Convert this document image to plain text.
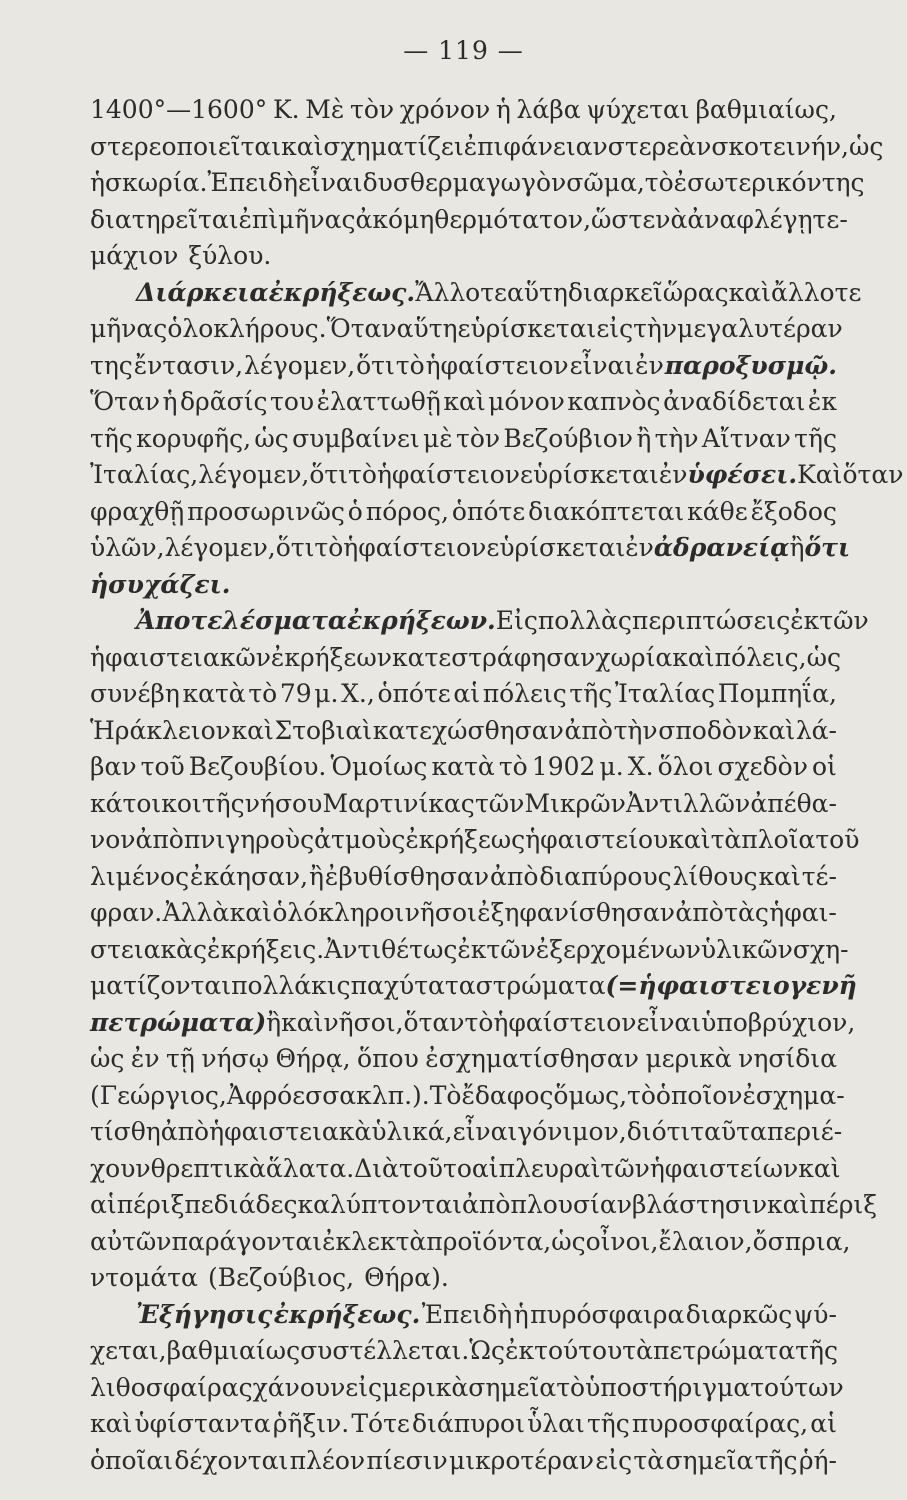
— 119 —
1400°—1600° Κ. Μὲ τὸν χρόνον ἡ λάβα ψύχεται βαθμιαίως,
στερεοποιεῖται καὶ σχηματίζει ἐπιφάνειαν στερεὰν σκοτεινήν, ὡς
ἡ σκωρία. Ἐπειδὴ εἶναι δυσθερμαγωγὸν σῶμα, τὸ ἐσωτερικόν της
διατηρεῖται ἐπὶ μῆνας ἀκόμη θερμότατον, ὥστε νὰ ἀναφλέγῃ τε-
μάχιον ξύλου.
Διάρκεια ἐκρήξεως. Ἄλλοτε αὕτη διαρκεῖ ὥρας καὶ ἄλλοτε
μῆνας ὁλοκλήρους. Ὅταν αὕτη εὑρίσκεται εἰς τὴν μεγαλυτέραν
της ἔντασιν, λέγομεν, ὅτι τὸ ἡφαίστειον εἶναι ἐν παροξυσμῷ.
Ὅταν ἡ δρᾶσίς του ἐλαττωθῇ καὶ μόνον καπνὸς ἀναδίδεται ἐκ
τῆς κορυφῆς, ὡς συμβαίνει μὲ τὸν Βεζούβιον ἢ τὴν Αἴτναν τῆς
Ἰταλίας, λέγομεν, ὅτι τὸ ἡφαίστειον εὑρίσκεται ἐν ὑφέσει. Καὶ ὅταν
φραχθῇ προσωρινῶς ὁ πόρος, ὁπότε διακόπτεται κάθε ἔξοδος
ὑλῶν, λέγομεν, ὅτι τὸ ἡφαίστειον εὑρίσκεται ἐν ἀδρανείᾳ ἢ ὅτι
ἡσυχάζει.
Ἀποτελέσματα ἐκρήξεων. Εἰς πολλὰς περιπτώσεις ἐκ τῶν
ἡφαιστειακῶν ἐκρήξεων κατεστράφησαν χωρία καὶ πόλεις, ὡς
συνέβη κατὰ τὸ 79 μ. Χ., ὁπότε αἱ πόλεις τῆς Ἰταλίας Πομπηΐα,
Ἡράκλειον καὶ Στοβιαὶ κατεχώσθησαν ἀπὸ τὴν σποδὸν καὶ λά-
βαν τοῦ Βεζουβίου. Ὁμοίως κατὰ τὸ 1902 μ. Χ. ὅλοι σχεδὸν οἱ
κάτοικοι τῆς νήσου Μαρτινίκας τῶν Μικρῶν Ἀντιλλῶν ἀπέθα-
νον ἀπὸ πνιγηροὺς ἀτμοὺς ἐκρήξεως ἡφαιστείου καὶ τὰ πλοῖα τοῦ
λιμένος ἐκάησαν, ἢ ἐβυθίσθησαν ἀπὸ διαπύρους λίθους καὶ τέ-
φραν. Ἀλλὰ καὶ ὁλόκληροι νῆσοι ἐξηφανίσθησαν ἀπὸ τὰς ἡφαι-
στειακὰς ἐκρήξεις. Ἀντιθέτως ἐκ τῶν ἐξερχομένων ὑλικῶν σχη-
ματίζονται πολλάκις παχύτατα στρώματα (=ἡφαιστειογενῆ
πετρώματα) ἢ καὶ νῆσοι, ὅταν τὸ ἡφαίστειον εἶναι ὑποβρύχιον,
ὡς ἐν τῇ νήσῳ Θήρᾳ, ὅπου ἐσχηματίσθησαν μερικὰ νησίδια
(Γεώργιος, Ἀφρόεσσα κλπ.). Τὸ ἔδαφος ὅμως, τὸ ὁποῖον ἐσχημα-
τίσθη ἀπὸ ἡφαιστειακὰ ὑλικά, εἶναι γόνιμον, διότι ταῦτα περιέ-
χουν θρεπτικὰ ἅλατα. Διὰ τοῦτο αἱ πλευραὶ τῶν ἡφαιστείων καὶ
αἱ πέριξ πεδιάδες καλύπτονται ἀπὸ πλουσίαν βλάστησιν καὶ πέριξ
αὐτῶν παράγονται ἐκλεκτὰ προϊόντα, ὡς οἶνοι, ἔλαιον, ὄσπρια,
ντομάτα (Βεζούβιος, Θήρα).
Ἐξήγησις ἐκρήξεως. Ἐπειδὴ ἡ πυρόσφαιρα διαρκῶς ψύ-
χεται, βαθμιαίως συστέλλεται. Ὡς ἐκ τούτου τὰ πετρώματα τῆς
λιθοσφαίρας χάνουν εἰς μερικὰ σημεῖα τὸ ὑποστήριγμα τούτων
καὶ ὑφίσταντα ῥῆξιν. Τότε διάπυροι ὗλαι τῆς πυροσφαίρας, αἱ
ὁποῖαι δέχονται πλέον πίεσιν μικροτέραν εἰς τὰ σημεῖα τῆς ῥή-
